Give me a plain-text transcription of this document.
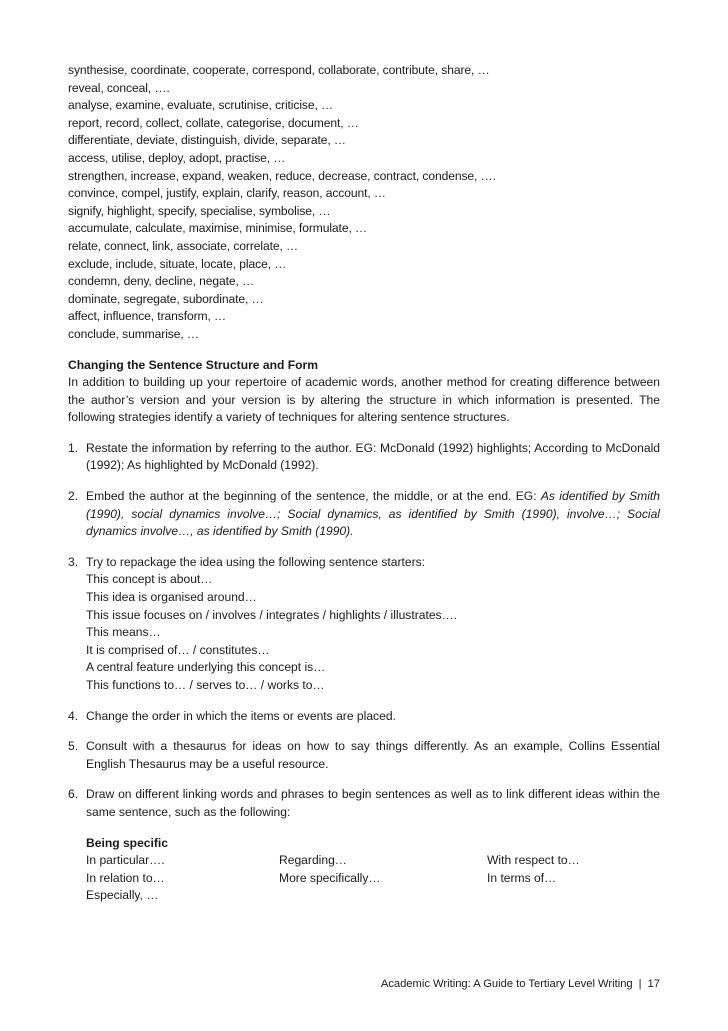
synthesise, coordinate, cooperate, correspond, collaborate, contribute, share, …
reveal, conceal, ….
analyse, examine, evaluate, scrutinise, criticise, …
report, record, collect, collate, categorise, document, …
differentiate, deviate, distinguish, divide, separate, …
access, utilise, deploy, adopt, practise, …
strengthen, increase, expand, weaken, reduce, decrease, contract, condense, ….
convince, compel, justify, explain, clarify, reason, account, …
signify, highlight, specify, specialise, symbolise, …
accumulate, calculate, maximise, minimise, formulate, …
relate, connect, link, associate, correlate, …
exclude, include, situate, locate, place, …
condemn, deny, decline, negate, …
dominate, segregate, subordinate, …
affect, influence, transform, …
conclude, summarise, …
Changing the Sentence Structure and Form
In addition to building up your repertoire of academic words, another method for creating difference between the author’s version and your version is by altering the structure in which information is presented. The following strategies identify a variety of techniques for altering sentence structures.
1. Restate the information by referring to the author. EG: McDonald (1992) highlights; According to McDonald (1992); As highlighted by McDonald (1992).
2. Embed the author at the beginning of the sentence, the middle, or at the end. EG: As identified by Smith (1990), social dynamics involve…; Social dynamics, as identified by Smith (1990), involve…; Social dynamics involve…, as identified by Smith (1990).
3. Try to repackage the idea using the following sentence starters:
This concept is about…
This idea is organised around…
This issue focuses on / involves / integrates / highlights / illustrates….
This means…
It is comprised of… / constitutes…
A central feature underlying this concept is…
This functions to… / serves to… / works to…
4. Change the order in which the items or events are placed.
5. Consult with a thesaurus for ideas on how to say things differently. As an example, Collins Essential English Thesaurus may be a useful resource.
6. Draw on different linking words and phrases to begin sentences as well as to link different ideas within the same sentence, such as the following:
Being specific
In particular….	Regarding…	With respect to…
In relation to…	More specifically…	In terms of…
Especially, …
Academic Writing: A Guide to Tertiary Level Writing | 17
